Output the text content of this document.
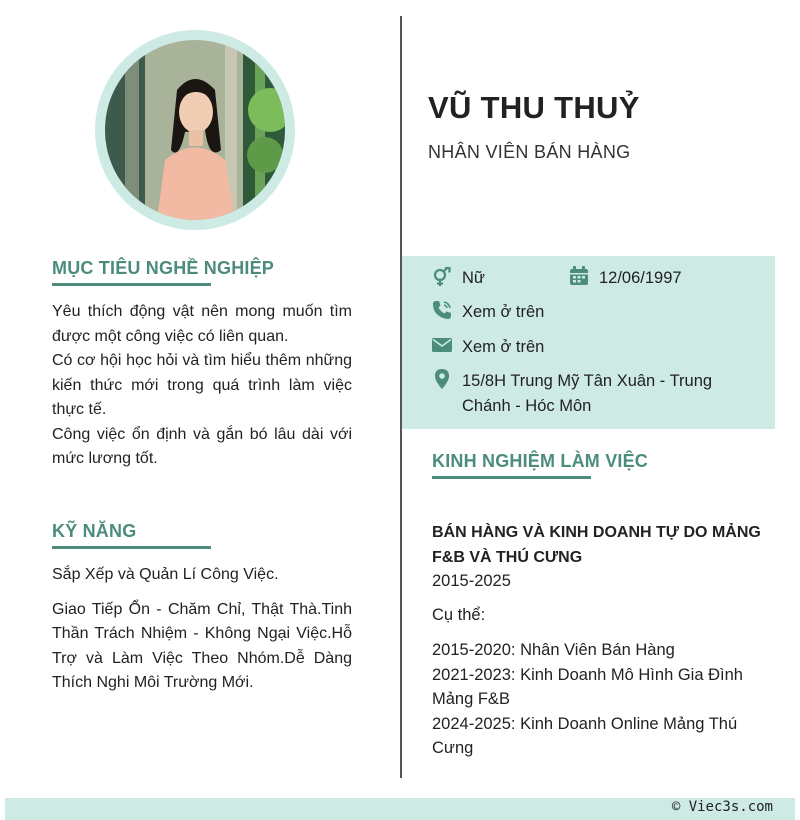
MỤC TIÊU NGHỀ NGHIỆP

Yêu thích động vật nên mong muốn tìm được một công việc có liên quan.

Có cơ hội học hỏi và tìm hiểu thêm những kiến thức mới trong quá trình làm việc thực tế.

Công việc ổn định và gắn bó lâu dài với mức lương tốt.

KỸ NĂNG

Sắp Xếp và Quản Lí Công Việc.

Giao Tiếp Ổn - Chăm Chỉ, Thật Thà.Tinh Thần Trách Nhiệm - Không Ngại Việc.Hỗ Trợ và Làm Việc Theo Nhóm.Dễ Dàng Thích Nghi Môi Trường Mới.

VŨ THU THUỶ
NHÂN VIÊN BÁN HÀNG
Nữ	12/06/1997
Xem ở trên
Xem ở trên
15/8H Trung Mỹ Tân Xuân - Trung Chánh - Hóc Môn
KINH NGHIỆM LÀM VIỆC
BÁN HÀNG VÀ KINH DOANH TỰ DO MẢNG F&B VÀ THÚ CƯNG
2015-2025
Cụ thể:
2015-2020: Nhân Viên Bán Hàng
2021-2023: Kinh Doanh Mô Hình Gia Đình Mảng F&B
2024-2025: Kinh Doanh Online Mảng Thú Cưng
© Viec3s.com
